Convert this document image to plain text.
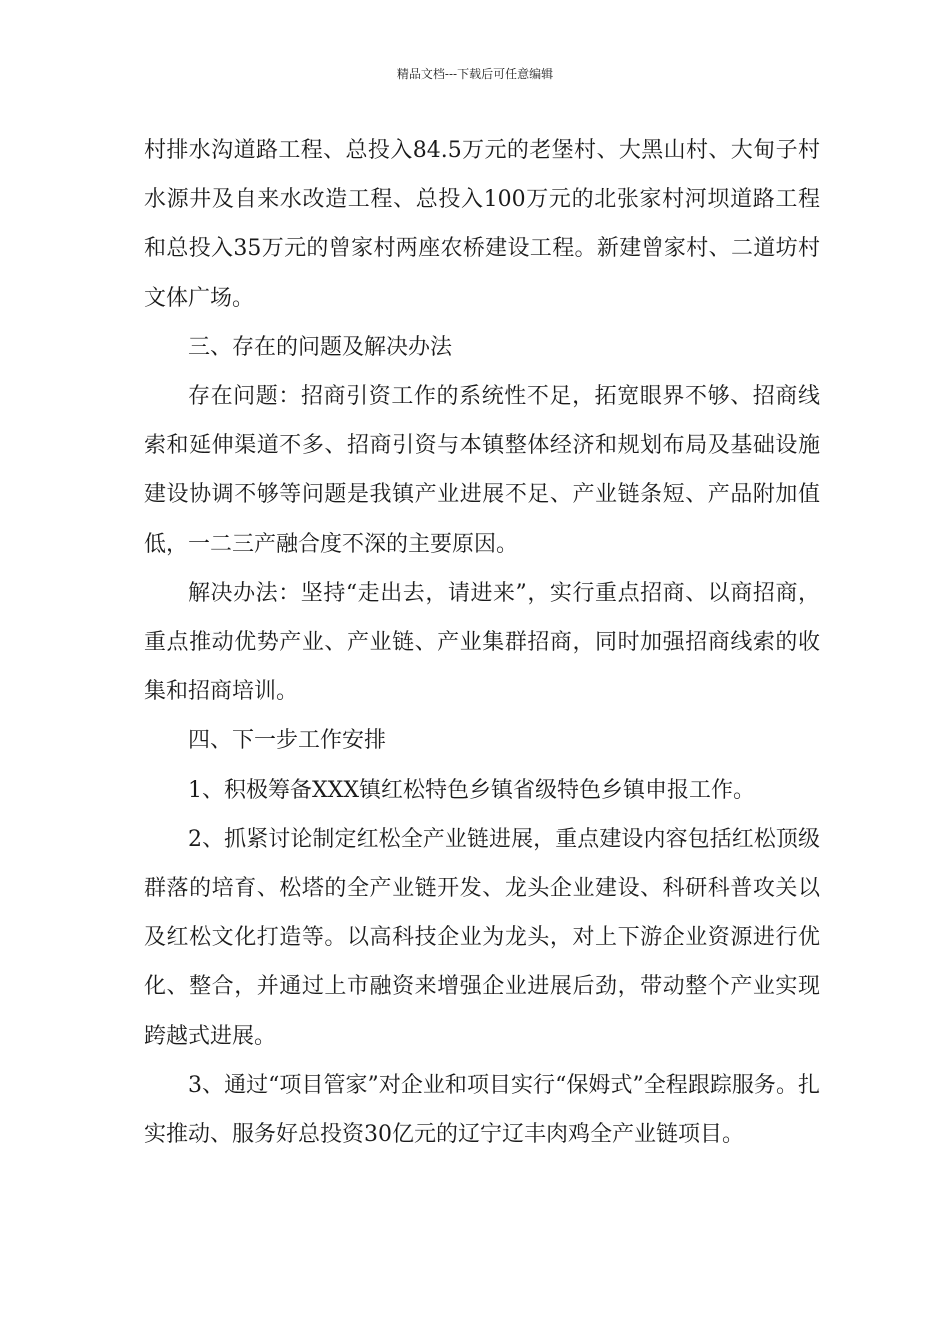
精品文档---下载后可任意编辑

村排水沟道路工程、总投入84.5万元的老堡村、大黑山村、大甸子村水源井及自来水改造工程、总投入100万元的北张家村河坝道路工程和总投入35万元的曾家村两座农桥建设工程。新建曾家村、二道坊村文体广场。

三、存在的问题及解决办法

存在问题：招商引资工作的系统性不足，拓宽眼界不够、招商线索和延伸渠道不多、招商引资与本镇整体经济和规划布局及基础设施建设协调不够等问题是我镇产业进展不足、产业链条短、产品附加值低，一二三产融合度不深的主要原因。

解决办法：坚持“走出去，请进来”，实行重点招商、以商招商，重点推动优势产业、产业链、产业集群招商，同时加强招商线索的收集和招商培训。

四、下一步工作安排

1、积极筹备XXX镇红松特色乡镇省级特色乡镇申报工作。

2、抓紧讨论制定红松全产业链进展，重点建设内容包括红松顶级群落的培育、松塔的全产业链开发、龙头企业建设、科研科普攻关以及红松文化打造等。以高科技企业为龙头，对上下游企业资源进行优化、整合，并通过上市融资来增强企业进展后劲，带动整个产业实现跨越式进展。

3、通过“项目管家”对企业和项目实行“保姆式”全程跟踪服务。扎实推动、服务好总投资30亿元的辽宁辽丰肉鸡全产业链项目。
